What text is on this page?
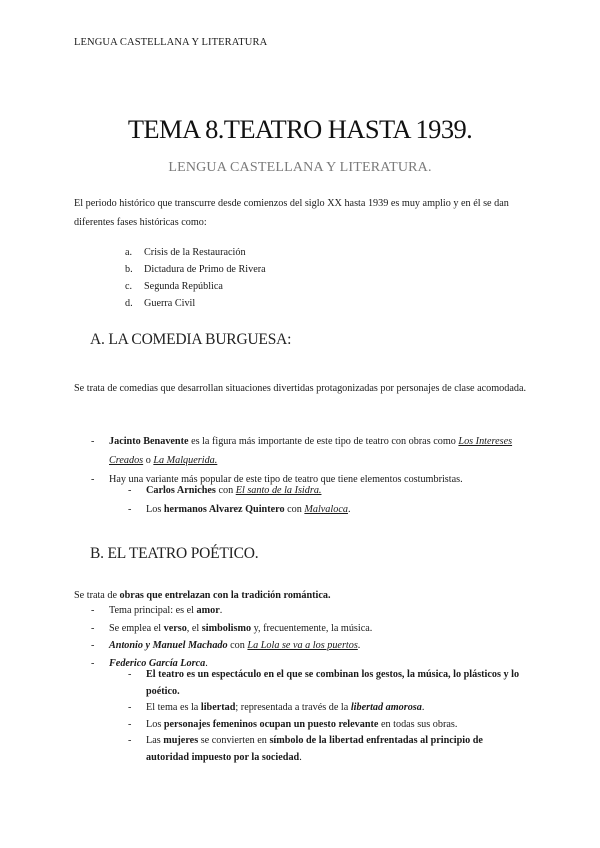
LENGUA CASTELLANA Y LITERATURA
TEMA 8.TEATRO HASTA 1939.
LENGUA CASTELLANA Y LITERATURA.
El periodo histórico que transcurre desde comienzos del siglo XX hasta 1939 es muy amplio y en él se dan diferentes fases históricas como:
a. Crisis de la Restauración
b. Dictadura de Primo de Rivera
c. Segunda República
d. Guerra Civil
A. LA COMEDIA BURGUESA:
Se trata de comedias que desarrollan situaciones divertidas protagonizadas por personajes de clase acomodada.
- Jacinto Benavente es la figura más importante de este tipo de teatro con obras como Los Intereses Creados o La Malquerida.
- Hay una variante más popular de este tipo de teatro que tiene elementos costumbristas.
- Carlos Arniches con El santo de la Isidra.
- Los hermanos Alvarez Quintero con Malvaloca.
B. EL TEATRO POÉTICO.
Se trata de obras que entrelazan con la tradición romántica.
- Tema principal: es el amor.
- Se emplea el verso, el simbolismo y, frecuentemente, la música.
- Antonio y Manuel Machado con La Lola se va a los puertos.
- Federico García Lorca.
- El teatro es un espectáculo en el que se combinan los gestos, la música, lo plásticos y lo poético.
- El tema es la libertad; representada a través de la libertad amorosa.
- Los personajes femeninos ocupan un puesto relevante en todas sus obras.
- Las mujeres se convierten en símbolo de la libertad enfrentadas al principio de autoridad impuesto por la sociedad.
